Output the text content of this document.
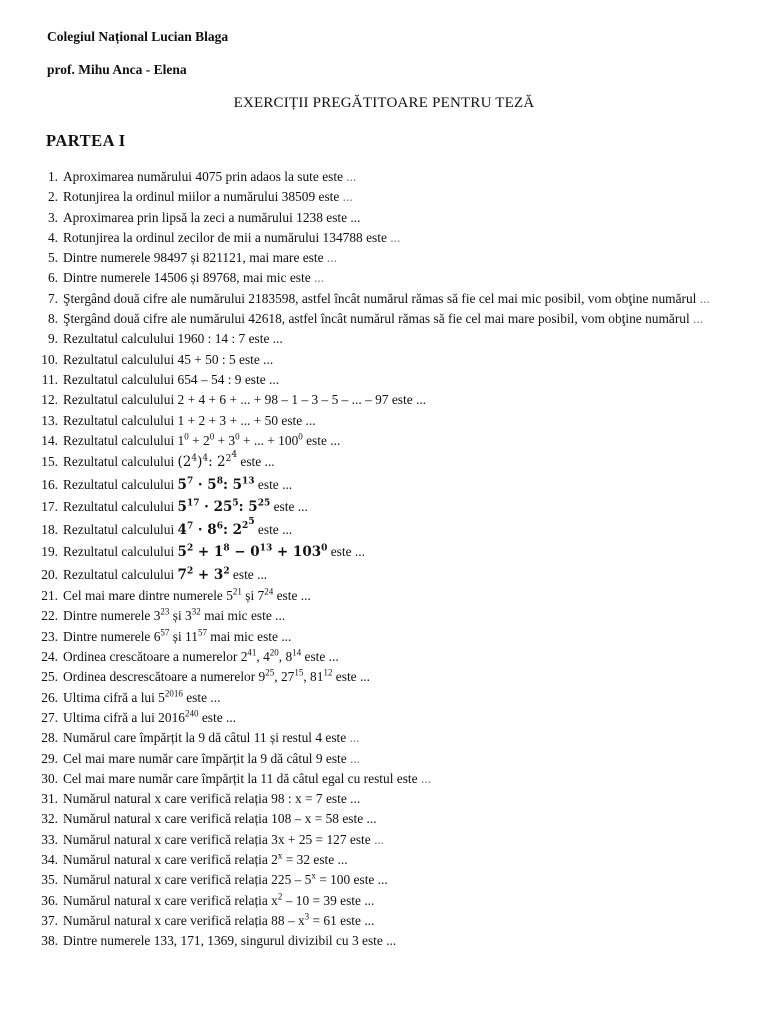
Colegiul Național Lucian Blaga
prof. Mihu Anca - Elena
EXERCIȚII PREGĂTITOARE PENTRU TEZĂ
PARTEA I
1. Aproximarea numărului 4075 prin adaos la sute este ...
2. Rotunjirea la ordinul miilor a numărului 38509 este ...
3. Aproximarea prin lipsă la zeci a numărului 1238 este ...
4. Rotunjirea la ordinul zecilor de mii a numărului 134788 este ...
5. Dintre numerele 98497 și 821121, mai mare este ...
6. Dintre numerele 14506 și 89768, mai mic este ...
7. Ştergând două cifre ale numărului 2183598, astfel încât numărul rămas să fie cel mai mic posibil, vom obţine numărul ...
8. Ştergând două cifre ale numărului 42618, astfel încât numărul rămas să fie cel mai mare posibil, vom obţine numărul ...
9. Rezultatul calculului 1960 : 14 : 7 este ...
10. Rezultatul calculului 45 + 50 : 5 este ...
11. Rezultatul calculului 654 – 54 : 9 este ...
12. Rezultatul calculului 2 + 4 + 6 + ... + 98 – 1 – 3 – 5 – ... – 97 este ...
13. Rezultatul calculului 1 + 2 + 3 + ... + 50 este ...
14. Rezultatul calculului $1^0 + 2^0 + 3^0$ + ... + $100^0$ este ...
15. Rezultatul calculului $(2^4)^4$: $2^{2^4}$ este ...
16. Rezultatul calculului $5^7 \cdot 5^8$: $5^{13}$ este ...
17. Rezultatul calculului $5^{17} \cdot 25^5$: $5^{25}$ este ...
18. Rezultatul calculului $4^7 \cdot 8^6$: $2^{2^5}$ este ...
19. Rezultatul calculului $5^2 + 1^8 - 0^{13} + 103^0$ este ...
20. Rezultatul calculului $7^2 + 3^2$ este ...
21. Cel mai mare dintre numerele $5^{21}$ și $7^{24}$ este ...
22. Dintre numerele $3^{23}$ și $3^{32}$ mai mic este ...
23. Dintre numerele $6^{57}$ și $11^{57}$ mai mic este ...
24. Ordinea crescătoare a numerelor $2^{41}$, $4^{20}$, $8^{14}$ este ...
25. Ordinea descrescătoare a numerelor $9^{25}$, $27^{15}$, $81^{12}$ este ...
26. Ultima cifră a lui $5^{2016}$ este ...
27. Ultima cifră a lui 2016$^{240}$ este ...
28. Numărul care împărțit la 9 dă câtul 11 și restul 4 este ...
29. Cel mai mare număr care împărțit la 9 dă câtul 9 este ...
30. Cel mai mare număr care împărțit la 11 dă câtul egal cu restul este ...
31. Numărul natural x care verifică relația 98 : x = 7 este ...
32. Numărul natural x care verifică relația 108 – x = 58 este ...
33. Numărul natural x care verifică relația 3x + 25 = 127 este ...
34. Numărul natural x care verifică relația $2^x = 32$ este ...
35. Numărul natural x care verifică relația $225 - 5^x = 100$ este ...
36. Numărul natural x care verifică relația $x^2 - 10 = 39$ este ...
37. Numărul natural x care verifică relația $88 - x^3 = 61$ este ...
38. Dintre numerele 133, 171, 1369, singurul divizibil cu 3 este ...
